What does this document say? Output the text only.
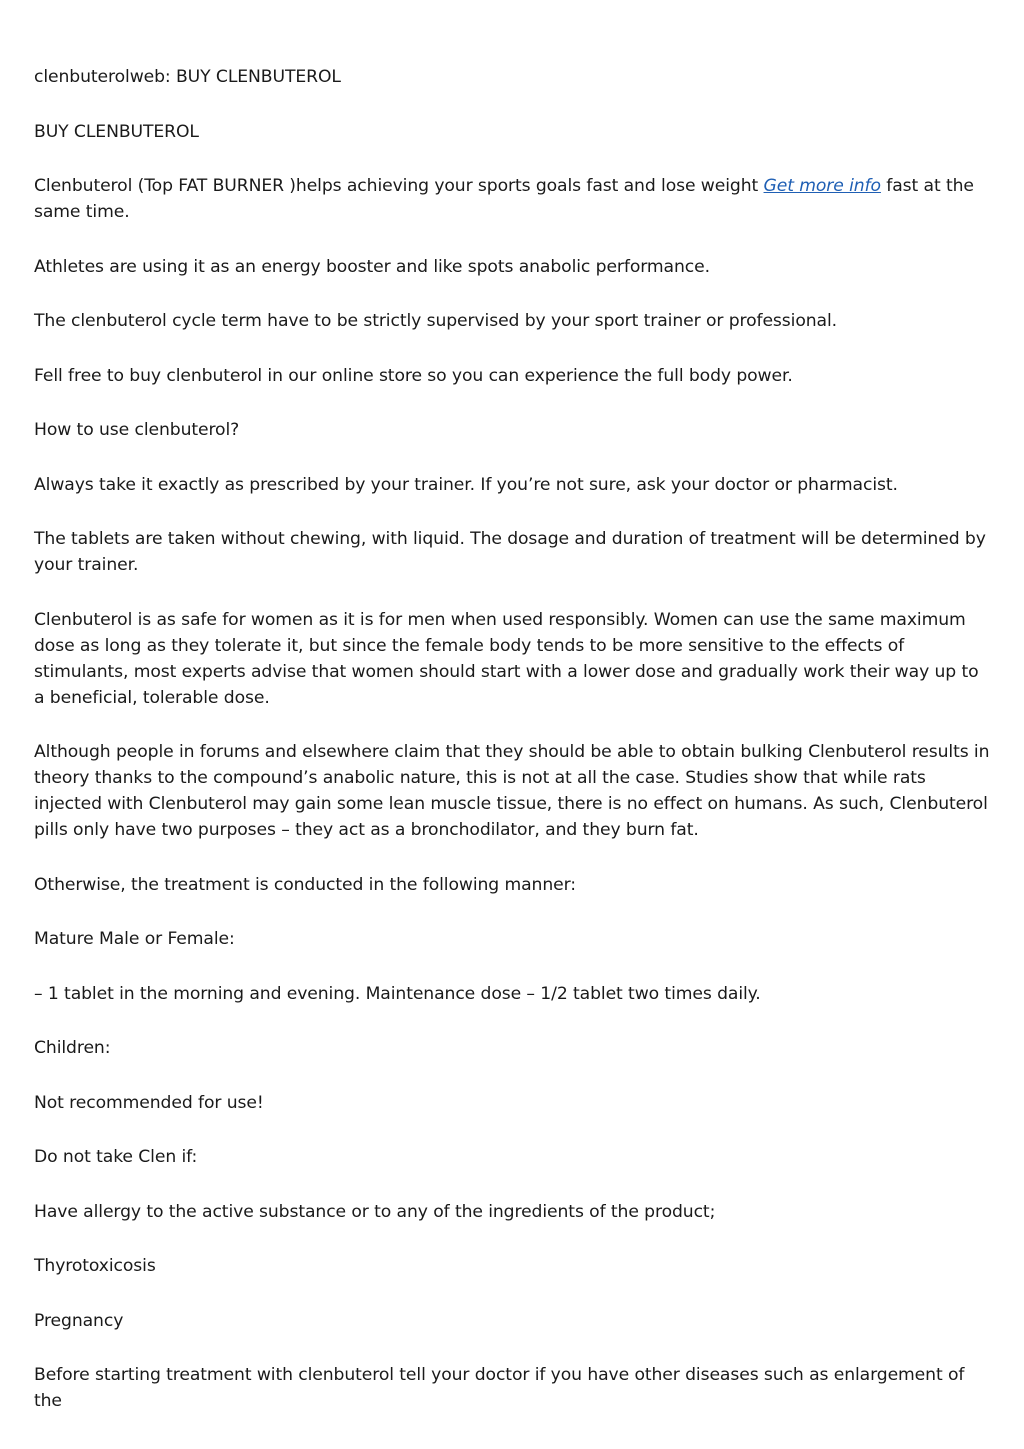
clenbuterolweb: BUY CLENBUTEROL

BUY CLENBUTEROL

Clenbuterol (Top FAT BURNER )helps achieving your sports goals fast and lose weight Get more info fast at the same time.

Athletes are using it as an energy booster and like spots anabolic performance.

The clenbuterol cycle term have to be strictly supervised by your sport trainer or professional.

Fell free to buy clenbuterol in our online store so you can experience the full body power.

How to use clenbuterol?

Always take it exactly as prescribed by your trainer. If you’re not sure, ask your doctor or pharmacist.

The tablets are taken without chewing, with liquid. The dosage and duration of treatment will be determined by your trainer.

Clenbuterol is as safe for women as it is for men when used responsibly. Women can use the same maximum dose as long as they tolerate it, but since the female body tends to be more sensitive to the effects of stimulants, most experts advise that women should start with a lower dose and gradually work their way up to a beneficial, tolerable dose.

Although people in forums and elsewhere claim that they should be able to obtain bulking Clenbuterol results in theory thanks to the compound’s anabolic nature, this is not at all the case. Studies show that while rats injected with Clenbuterol may gain some lean muscle tissue, there is no effect on humans. As such, Clenbuterol pills only have two purposes – they act as a bronchodilator, and they burn fat.

Otherwise, the treatment is conducted in the following manner:

Mature Male or Female:

– 1 tablet in the morning and evening. Maintenance dose – 1/2 tablet two times daily.

Children:

Not recommended for use!

Do not take Clen if:

Have allergy to the active substance or to any of the ingredients of the product;

Thyrotoxicosis

Pregnancy

Before starting treatment with clenbuterol tell your doctor if you have other diseases such as enlargement of the
